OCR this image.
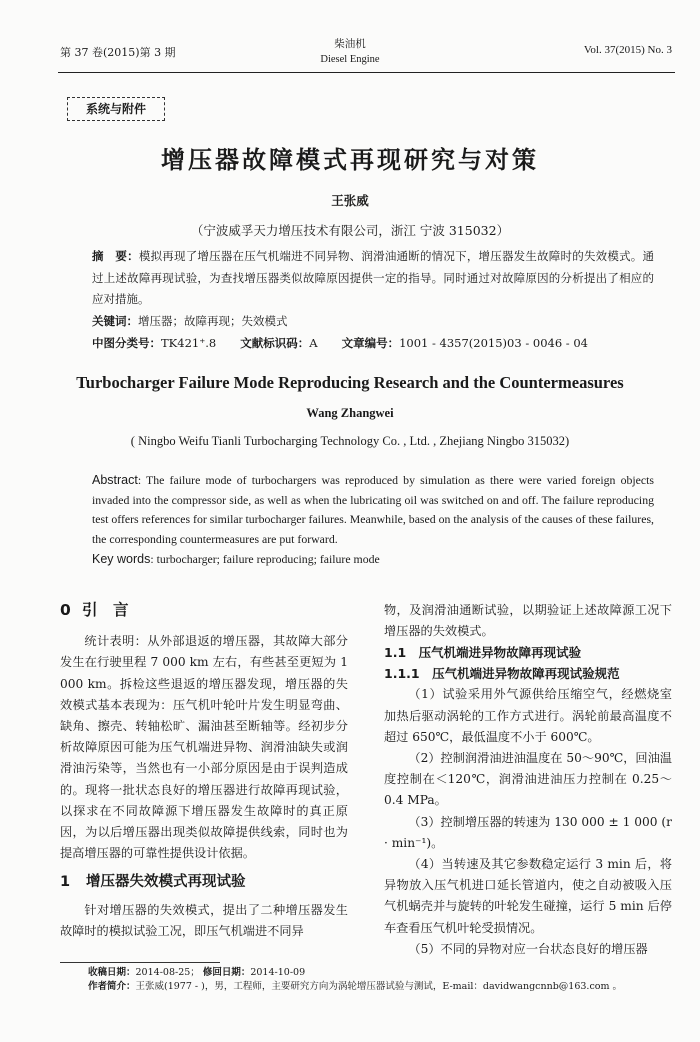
第 37 卷(2015)第 3 期
柴油机
Diesel Engine
Vol. 37(2015) No. 3
系统与附件
增压器故障模式再现研究与对策
王张威
（宁波威孚天力增压技术有限公司，浙江 宁波 315032）
摘　要：模拟再现了增压器在压气机端进不同异物、润滑油通断的情况下，增压器发生故障时的失效模式。通过上述故障再现试验，为查找增压器类似故障原因提供一定的指导。同时通过对故障原因的分析提出了相应的应对措施。
关键词：增压器；故障再现；失效模式
中图分类号：TK421⁺.8 文献标识码：A 文章编号：1001 - 4357(2015)03 - 0046 - 04
Turbocharger Failure Mode Reproducing Research and the Countermeasures
Wang Zhangwei
( Ningbo Weifu Tianli Turbocharging Technology Co. , Ltd. , Zhejiang Ningbo 315032)
Abstract: The failure mode of turbochargers was reproduced by simulation as there were varied foreign objects invaded into the compressor side, as well as when the lubricating oil was switched on and off. The failure reproducing test offers references for similar turbocharger failures. Meanwhile, based on the analysis of the causes of these failures, the corresponding countermeasures are put forward.
Key words: turbocharger; failure reproducing; failure mode
0 引　言

统计表明：从外部退返的增压器，其故障大部分发生在行驶里程 7 000 km 左右，有些甚至更短为 1 000 km。拆检这些退返的增压器发现，增压器的失效模式基本表现为：压气机叶轮叶片发生明显弯曲、缺角、擦壳、转轴松旷、漏油甚至断轴等。经初步分析故障原因可能为压气机端进异物、润滑油缺失或润滑油污染等，当然也有一小部分原因是由于误判造成的。现将一批状态良好的增压器进行故障再现试验，以探求在不同故障源下增压器发生故障时的真正原因，为以后增压器出现类似故障提供线索，同时也为提高增压器的可靠性提供设计依据。

1 增压器失效模式再现试验

针对增压器的失效模式，提出了二种增压器发生故障时的模拟试验工况，即压气机端进不同异

物，及润滑油通断试验，以期验证上述故障源工况下增压器的失效模式。

1.1　压气机端进异物故障再现试验
1.1.1　压气机端进异物故障再现试验规范

（1）试验采用外气源供给压缩空气，经燃烧室加热后驱动涡轮的工作方式进行。涡轮前最高温度不超过 650℃，最低温度不小于 600℃。

（2）控制润滑油进油温度在 50～90℃，回油温度控制在＜120℃，润滑油进油压力控制在 0.25～0.4 MPa。

（3）控制增压器的转速为 130 000 ± 1 000 (r · min⁻¹)。

（4）当转速及其它参数稳定运行 3 min 后，将异物放入压气机进口延长管道内，使之自动被吸入压气机蜗壳并与旋转的叶轮发生碰撞，运行 5 min 后停车查看压气机叶轮受损情况。

（5）不同的异物对应一台状态良好的增压器

收稿日期：2014-08-25； 修回日期：2014-10-09
作者简介：王张威(1977 - )，男，工程师，主要研究方向为涡轮增压器试验与测试，E-mail：davidwangcnnb@163.com 。
